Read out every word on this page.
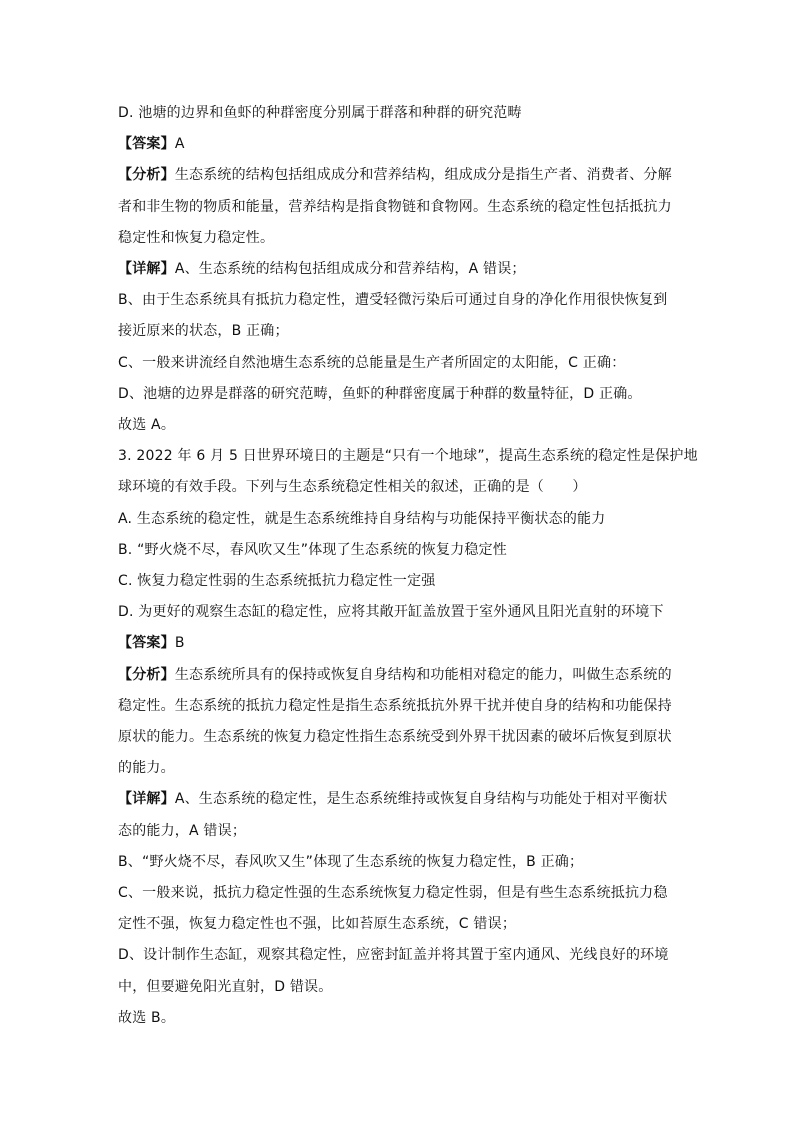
D. 池塘的边界和鱼虾的种群密度分别属于群落和种群的研究范畴
【答案】A
【分析】生态系统的结构包括组成成分和营养结构，组成成分是指生产者、消费者、分解
者和非生物的物质和能量，营养结构是指食物链和食物网。生态系统的稳定性包括抵抗力
稳定性和恢复力稳定性。
【详解】A、生态系统的结构包括组成成分和营养结构，A 错误；
B、由于生态系统具有抵抗力稳定性，遭受轻微污染后可通过自身的净化作用很快恢复到
接近原来的状态，B 正确；
C、一般来讲流经自然池塘生态系统的总能量是生产者所固定的太阳能，C 正确：
D、池塘的边界是群落的研究范畴，鱼虾的种群密度属于种群的数量特征，D 正确。
故选 A。
3. 2022 年 6 月 5 日世界环境日的主题是“只有一个地球”，提高生态系统的稳定性是保护地
球环境的有效手段。下列与生态系统稳定性相关的叙述，正确的是（　　）
A. 生态系统的稳定性，就是生态系统维持自身结构与功能保持平衡状态的能力
B. “野火烧不尽，春风吹又生”体现了生态系统的恢复力稳定性
C. 恢复力稳定性弱的生态系统抵抗力稳定性一定强
D. 为更好的观察生态缸的稳定性，应将其敞开缸盖放置于室外通风且阳光直射的环境下
【答案】B
【分析】生态系统所具有的保持或恢复自身结构和功能相对稳定的能力，叫做生态系统的
稳定性。生态系统的抵抗力稳定性是指生态系统抵抗外界干扰并使自身的结构和功能保持
原状的能力。生态系统的恢复力稳定性指生态系统受到外界干扰因素的破坏后恢复到原状
的能力。
【详解】A、生态系统的稳定性，是生态系统维持或恢复自身结构与功能处于相对平衡状
态的能力，A 错误；
B、“野火烧不尽，春风吹又生”体现了生态系统的恢复力稳定性，B 正确；
C、一般来说，抵抗力稳定性强的生态系统恢复力稳定性弱，但是有些生态系统抵抗力稳
定性不强，恢复力稳定性也不强，比如苔原生态系统，C 错误；
D、设计制作生态缸，观察其稳定性，应密封缸盖并将其置于室内通风、光线良好的环境
中，但要避免阳光直射，D 错误。
故选 B。
